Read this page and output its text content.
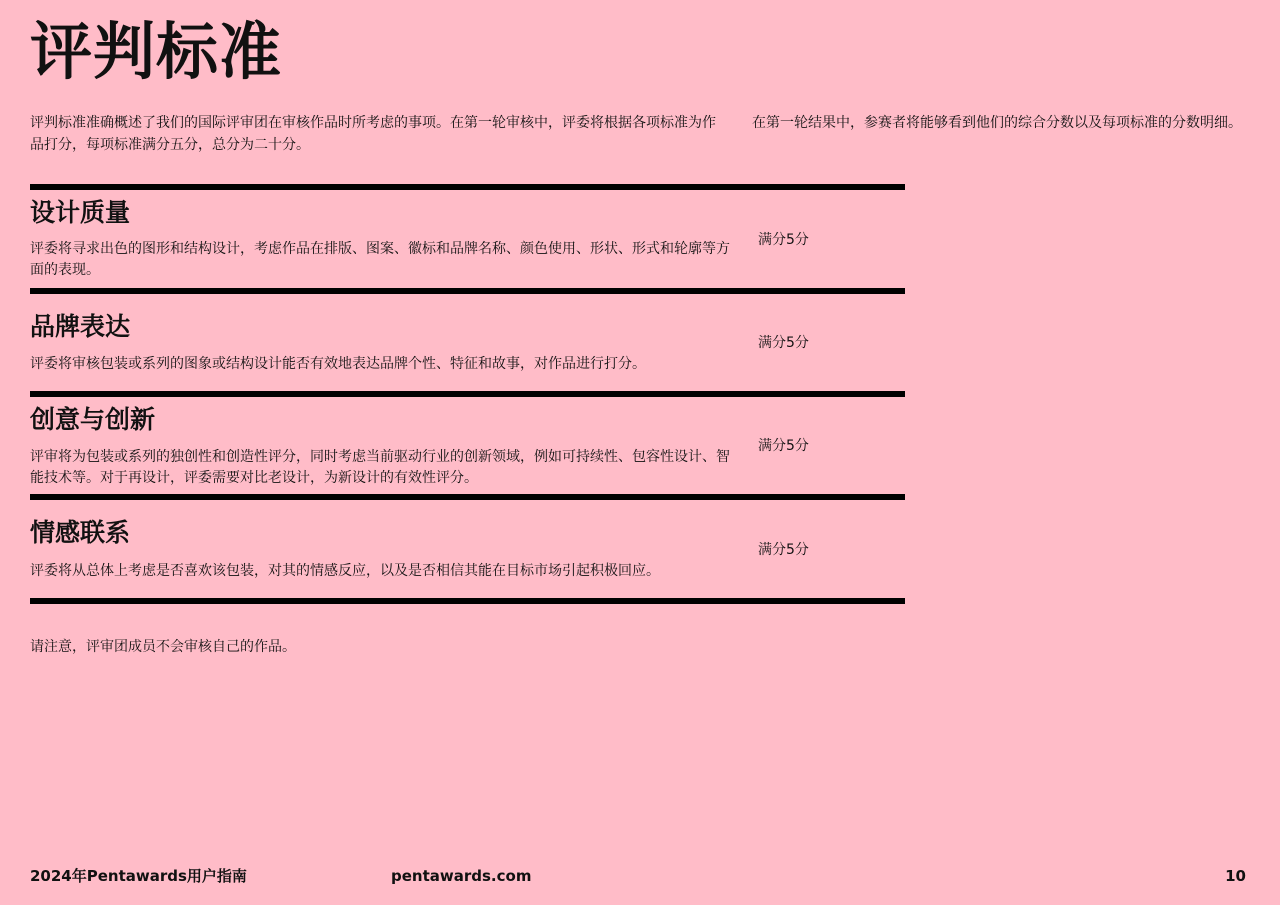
评判标准
评判标准准确概述了我们的国际评审团在审核作品时所考虑的事项。在第一轮审核中，评委将根据各项标准为作品打分，每项标准满分五分，总分为二十分。
在第一轮结果中，参赛者将能够看到他们的综合分数以及每项标准的分数明细。
设计质量
评委将寻求出色的图形和结构设计，考虑作品在排版、图案、徽标和品牌名称、颜色使用、形状、形式和轮廓等方面的表现。
满分5分
品牌表达
评委将审核包装或系列的图象或结构设计能否有效地表达品牌个性、特征和故事，对作品进行打分。
满分5分
创意与创新
评审将为包装或系列的独创性和创造性评分，同时考虑当前驱动行业的创新领域，例如可持续性、包容性设计、智能技术等。对于再设计，评委需要对比老设计，为新设计的有效性评分。
满分5分
情感联系
评委将从总体上考虑是否喜欢该包装，对其的情感反应，以及是否相信其能在目标市场引起积极回应。
满分5分
请注意，评审团成员不会审核自己的作品。
2024年Pentawards用户指南	pentawards.com	10
